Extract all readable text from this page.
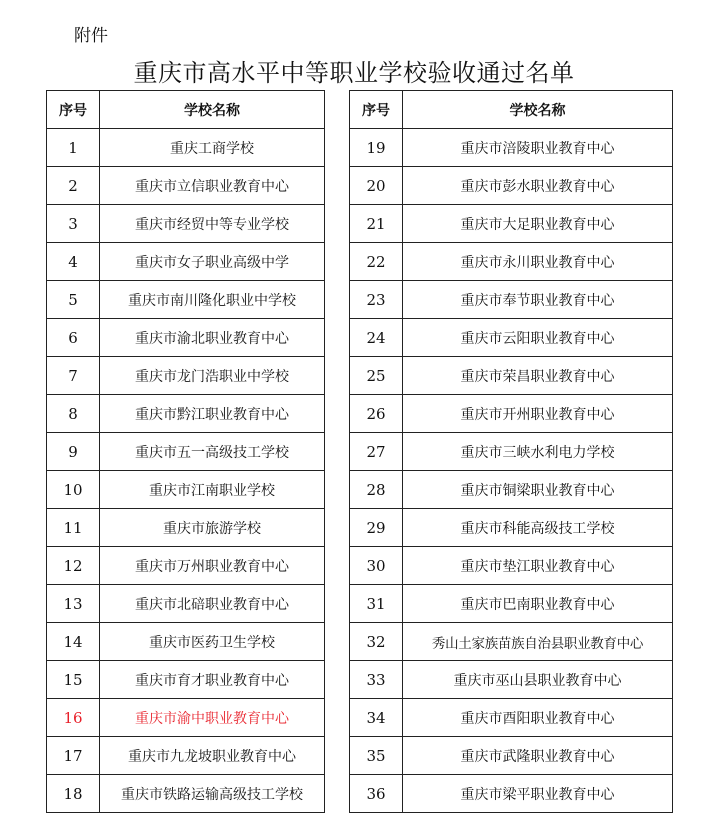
附件
重庆市高水平中等职业学校验收通过名单
序号	学校名称
1	重庆工商学校
2	重庆市立信职业教育中心
3	重庆市经贸中等专业学校
4	重庆市女子职业高级中学
5	重庆市南川隆化职业中学校
6	重庆市渝北职业教育中心
7	重庆市龙门浩职业中学校
8	重庆市黔江职业教育中心
9	重庆市五一高级技工学校
10	重庆市江南职业学校
11	重庆市旅游学校
12	重庆市万州职业教育中心
13	重庆市北碚职业教育中心
14	重庆市医药卫生学校
15	重庆市育才职业教育中心
16	重庆市渝中职业教育中心
17	重庆市九龙坡职业教育中心
18	重庆市铁路运输高级技工学校
序号	学校名称
19	重庆市涪陵职业教育中心
20	重庆市彭水职业教育中心
21	重庆市大足职业教育中心
22	重庆市永川职业教育中心
23	重庆市奉节职业教育中心
24	重庆市云阳职业教育中心
25	重庆市荣昌职业教育中心
26	重庆市开州职业教育中心
27	重庆市三峡水利电力学校
28	重庆市铜梁职业教育中心
29	重庆市科能高级技工学校
30	重庆市垫江职业教育中心
31	重庆市巴南职业教育中心
32	秀山土家族苗族自治县职业教育中心
33	重庆市巫山县职业教育中心
34	重庆市酉阳职业教育中心
35	重庆市武隆职业教育中心
36	重庆市梁平职业教育中心
